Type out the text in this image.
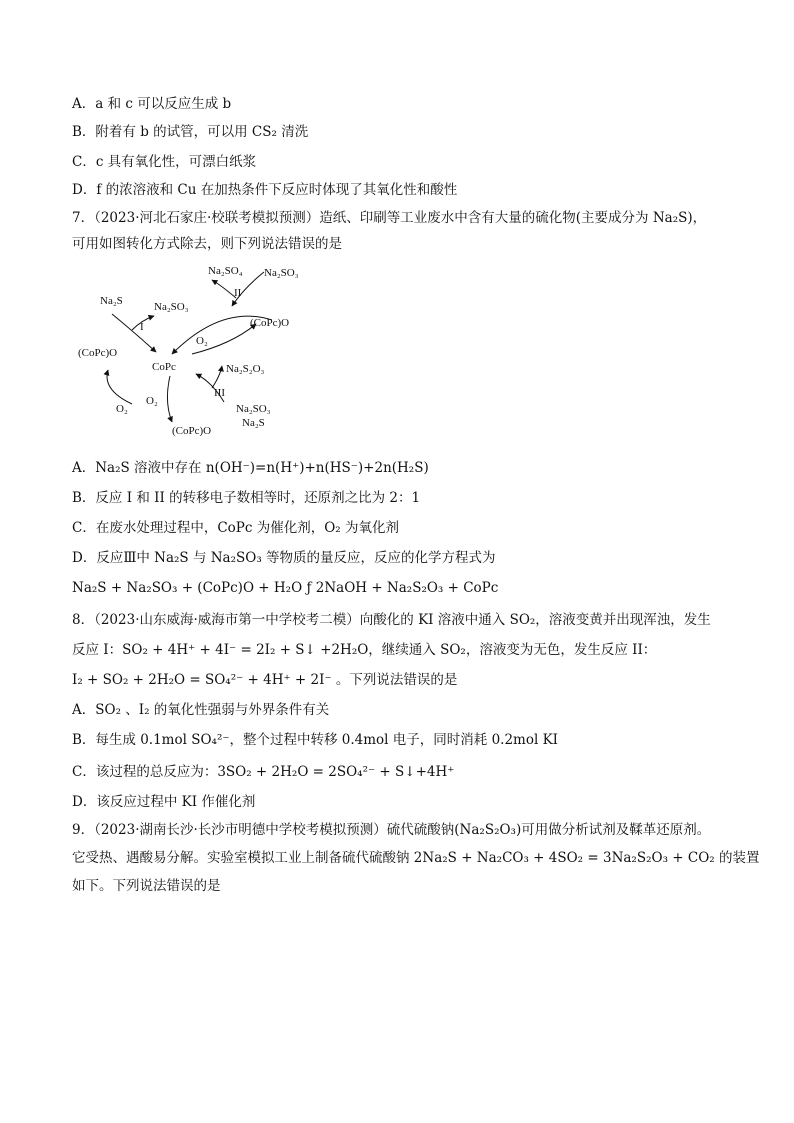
A．a 和 c 可以反应生成 b
B．附着有 b 的试管，可以用 CS₂ 清洗
C．c 具有氧化性，可漂白纸浆
D．f 的浓溶液和 Cu 在加热条件下反应时体现了其氧化性和酸性
7．（2023·河北石家庄·校联考模拟预测）造纸、印刷等工业废水中含有大量的硫化物(主要成分为 Na₂S)，
可用如图转化方式除去，则下列说法错误的是
Na₂SO₄ Na₂SO₃
II
Na₂S	Na₂SO₃
I	(CoPc)O
O₂
(CoPc)O
CoPc	Na₂S₂O₃
III
O₂
O₂
Na₂SO₃
Na₂S
(CoPc)O
A．Na₂S 溶液中存在 n(OH⁻)=n(H⁺)+n(HS⁻)+2n(H₂S)
B．反应 I 和 II 的转移电子数相等时，还原剂之比为 2：1
C．在废水处理过程中，CoPc 为催化剂，O₂ 为氧化剂
D．反应Ⅲ中 Na₂S 与 Na₂SO₃ 等物质的量反应，反应的化学方程式为
Na₂S + Na₂SO₃ + (CoPc)O + H₂O ƒ 2NaOH + Na₂S₂O₃ + CoPc
8．（2023·山东威海·威海市第一中学校考二模）向酸化的 KI 溶液中通入 SO₂，溶液变黄并出现浑浊，发生
反应 I：SO₂ + 4H⁺ + 4I⁻ = 2I₂ + S↓ +2H₂O，继续通入 SO₂，溶液变为无色，发生反应 II：
I₂ + SO₂ + 2H₂O = SO₄²⁻ + 4H⁺ + 2I⁻ 。下列说法错误的是
A．SO₂ 、I₂ 的氧化性强弱与外界条件有关
B．每生成 0.1mol SO₄²⁻，整个过程中转移 0.4mol 电子，同时消耗 0.2mol KI
C．该过程的总反应为：3SO₂ + 2H₂O = 2SO₄²⁻ + S↓+4H⁺
D．该反应过程中 KI 作催化剂
9．（2023·湖南长沙·长沙市明德中学校考模拟预测）硫代硫酸钠(Na₂S₂O₃)可用做分析试剂及鞣革还原剂。
它受热、遇酸易分解。实验室模拟工业上制备硫代硫酸钠 2Na₂S + Na₂CO₃ + 4SO₂ = 3Na₂S₂O₃ + CO₂ 的装置
如下。下列说法错误的是
